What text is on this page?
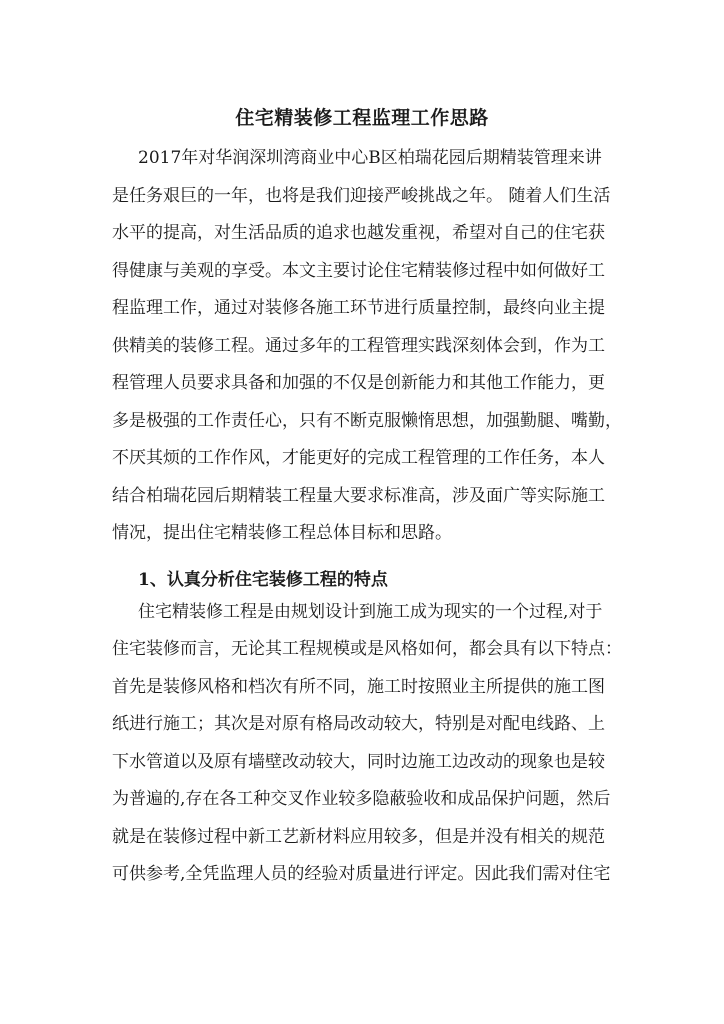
住宅精装修工程监理工作思路
2017年对华润深圳湾商业中心B区柏瑞花园后期精装管理来讲
是任务艰巨的一年，也将是我们迎接严峻挑战之年。 随着人们生活
水平的提高，对生活品质的追求也越发重视，希望对自己的住宅获
得健康与美观的享受。本文主要讨论住宅精装修过程中如何做好工
程监理工作，通过对装修各施工环节进行质量控制，最终向业主提
供精美的装修工程。通过多年的工程管理实践深刻体会到，作为工
程管理人员要求具备和加强的不仅是创新能力和其他工作能力，更
多是极强的工作责任心，只有不断克服懒惰思想，加强勤腿、嘴勤，
不厌其烦的工作作风，才能更好的完成工程管理的工作任务，本人
结合柏瑞花园后期精装工程量大要求标准高，涉及面广等实际施工
情况，提出住宅精装修工程总体目标和思路。
1、认真分析住宅装修工程的特点
住宅精装修工程是由规划设计到施工成为现实的一个过程,对于
住宅装修而言，无论其工程规模或是风格如何，都会具有以下特点：
首先是装修风格和档次有所不同，施工时按照业主所提供的施工图
纸进行施工；其次是对原有格局改动较大，特别是对配电线路、上
下水管道以及原有墙壁改动较大，同时边施工边改动的现象也是较
为普遍的,存在各工种交叉作业较多隐蔽验收和成品保护问题，然后
就是在装修过程中新工艺新材料应用较多，但是并没有相关的规范
可供参考,全凭监理人员的经验对质量进行评定。因此我们需对住宅
